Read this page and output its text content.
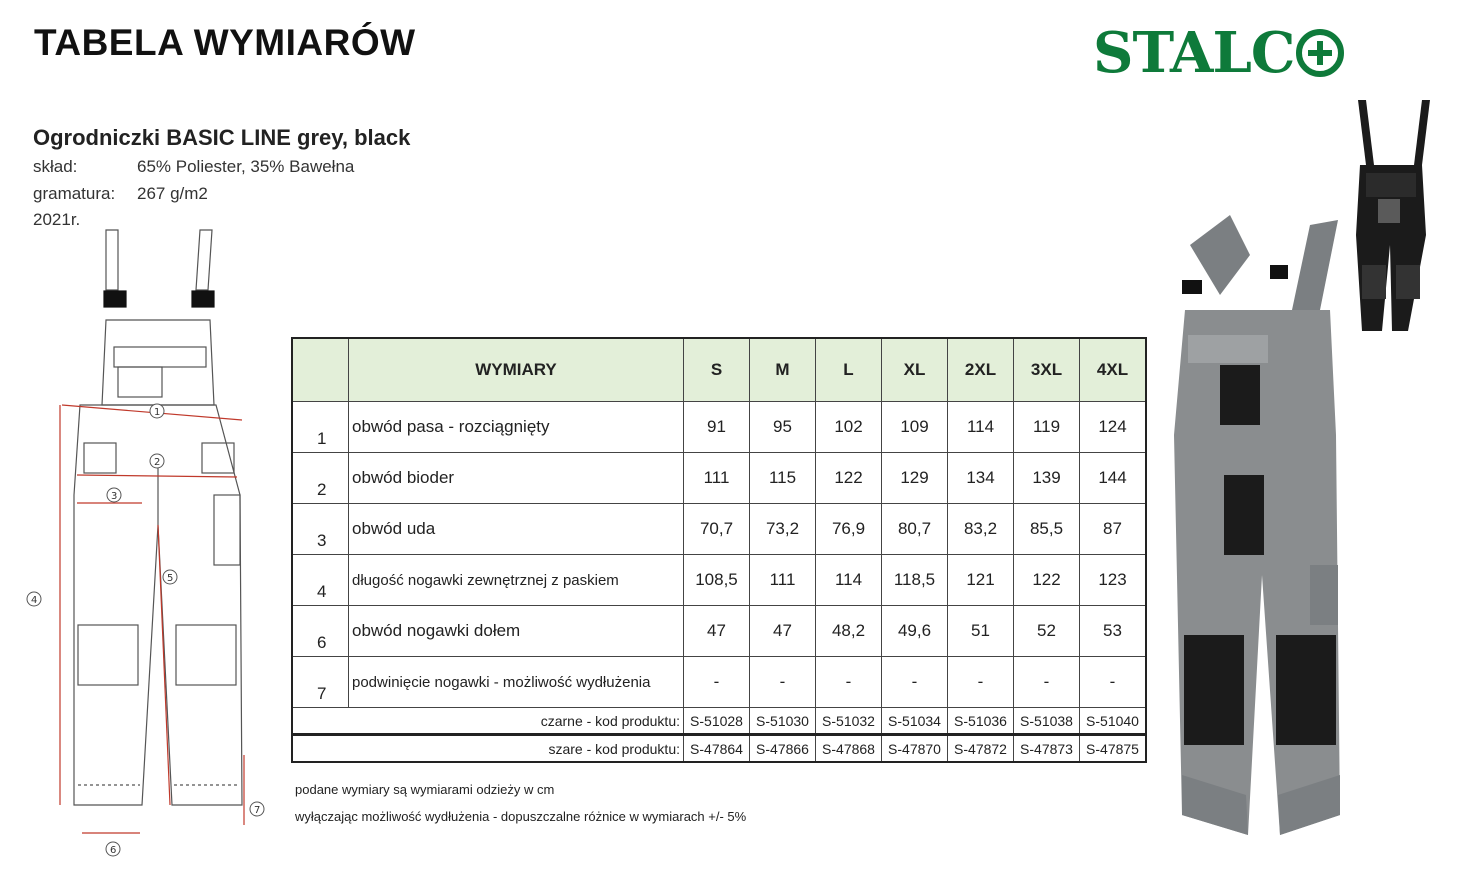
TABELA WYMIARÓW	STALC
Ogrodniczki BASIC LINE grey, black
skład:	65% Poliester, 35% Bawełna
gramatura: 267 g/m2
2021r.
1
2
3
4
5
6
7
	WYMIARY	S	M	L	XL	2XL	3XL	4XL
1	obwód pasa - rozciągnięty	91	95	102	109	114	119	124
2	obwód bioder	111	115	122	129	134	139	144
3	obwód uda	70,7	73,2	76,9	80,7	83,2	85,5	87
4	długość nogawki zewnętrznej z paskiem	108,5	111	114	118,5	121	122	123
6	obwód nogawki dołem	47	47	48,2	49,6	51	52	53
7	podwinięcie nogawki - możliwość wydłużenia	-	-	-	-	-	-	-
czarne - kod produktu:		S-51028	S-51030	S-51032	S-51034	S-51036	S-51038	S-51040
szare - kod produktu:		S-47864	S-47866	S-47868	S-47870	S-47872	S-47873	S-47875
podane wymiary są wymiarami odzieży w cm
wyłączając możliwość wydłużenia - dopuszczalne różnice w wymiarach +/- 5%
